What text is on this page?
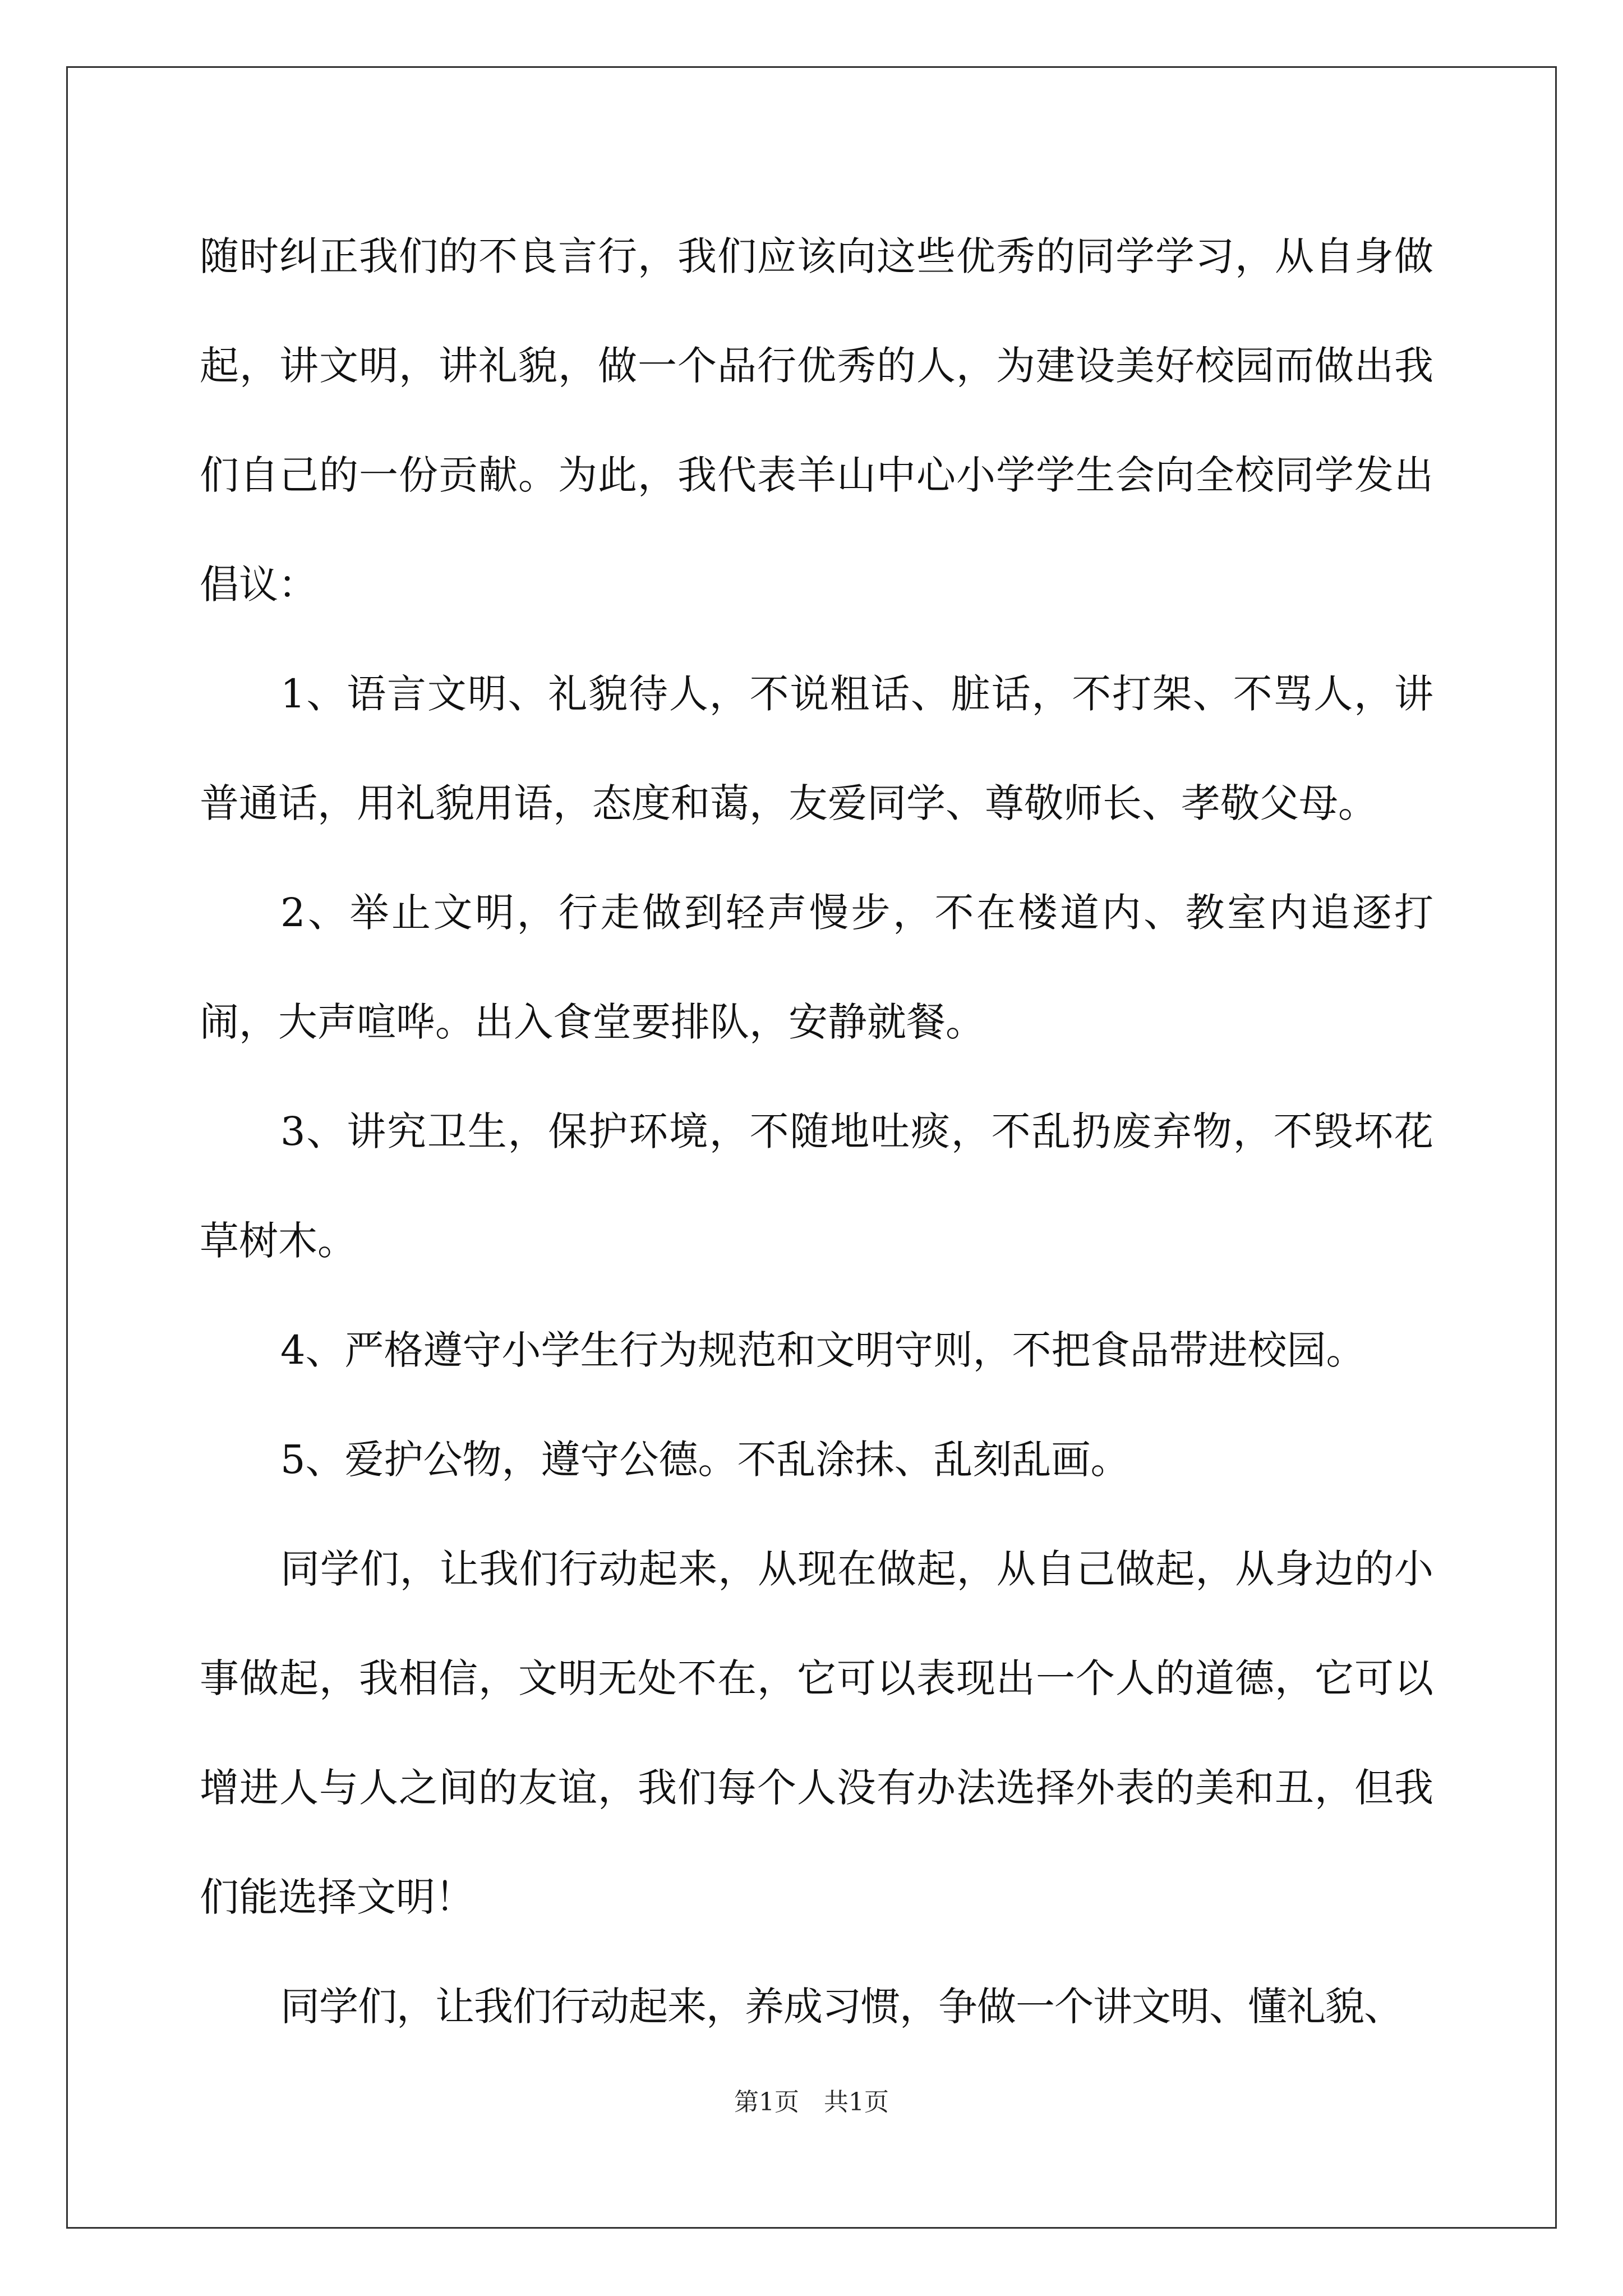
随时纠正我们的不良言行，我们应该向这些优秀的同学学习，从自身做起，讲文明，讲礼貌，做一个品行优秀的人，为建设美好校园而做出我们自己的一份贡献。为此，我代表羊山中心小学学生会向全校同学发出倡议：

1、语言文明、礼貌待人，不说粗话、脏话，不打架、不骂人，讲普通话，用礼貌用语，态度和蔼，友爱同学、尊敬师长、孝敬父母。

2、举止文明，行走做到轻声慢步，不在楼道内、教室内追逐打闹，大声喧哗。出入食堂要排队，安静就餐。

3、讲究卫生，保护环境，不随地吐痰，不乱扔废弃物，不毁坏花草树木。

4、严格遵守小学生行为规范和文明守则，不把食品带进校园。

5、爱护公物，遵守公德。不乱涂抹、乱刻乱画。

同学们，让我们行动起来，从现在做起，从自己做起，从身边的小事做起，我相信，文明无处不在，它可以表现出一个人的道德，它可以增进人与人之间的友谊，我们每个人没有办法选择外表的美和丑，但我们能选择文明！

同学们，让我们行动起来，养成习惯，争做一个讲文明、懂礼貌、

第1页　共1页
